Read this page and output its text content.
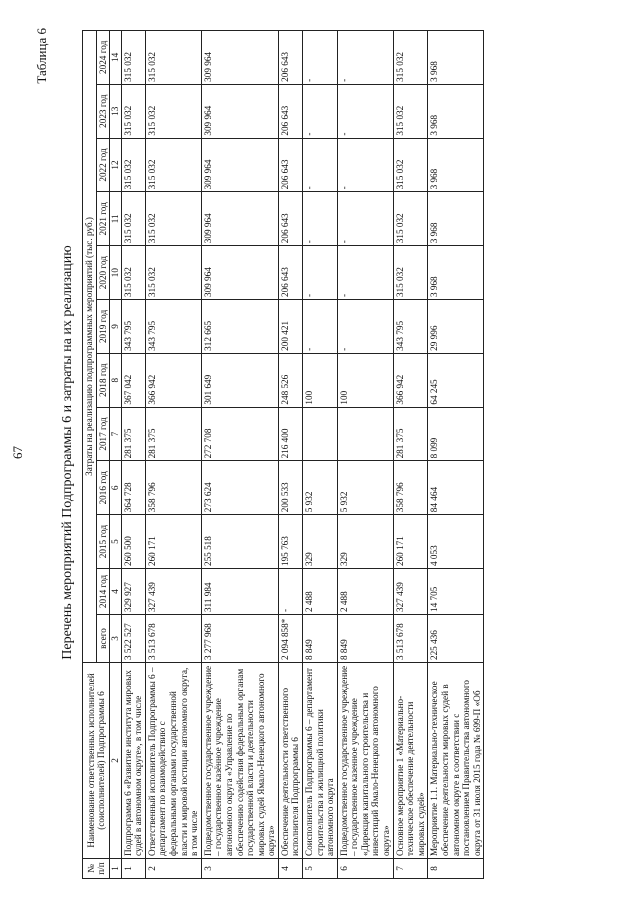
67
Таблица 6
Перечень мероприятий Подпрограммы 6 и затраты на их реализацию
№ п/п	Наименование ответственных исполнителей (соисполнителей) Подпрограммы 6	Затраты на реализацию подпрограммных мероприятий (тыс. руб.)											
		всего	2014 год	2015 год	2016 год	2017 год	2018 год	2019 год	2020 год	2021 год	2022 год	2023 год	2024 год
1	2	3	4	5	6	7	8	9	10	11	12	13	14
1	Подпрограмма 6 «Развитие института мировых судей в автономном округе», в том числе	3 522 527	329 927	260 500	364 728	281 375	367 042	343 795	315 032	315 032	315 032	315 032	315 032
2	Ответственный исполнитель Подпрограммы 6 – департамент по взаимодействию с федеральными органами государственной власти и мировой юстиции автономного округа, в том числе	3 513 678	327 439	260 171	358 796	281 375	366 942	343 795	315 032	315 032	315 032	315 032	315 032
3	Подведомственное государственное учреждение – государственное казённое учреждение автономного округа «Управление по обеспечению содействия федеральным органам государственной власти и деятельности мировых судей Ямало-Ненецкого автономного округа»	3 277 968	311 984	255 518	273 624	272 708	301 649	312 665	309 964	309 964	309 964	309 964	309 964
4	Обеспечение деятельности ответственного исполнителя Подпрограммы 6	2 094 858*	-	195 763	200 533	216 400	248 526	200 421	206 643	206 643	206 643	206 643	206 643
5	Соисполнитель Подпрограммы 6 – департамент строительства и жилищной политики автономного округа	8 849	2 488	329	5 932		100	-	-	-	-	-	-
6	Подведомственное государственное учреждение – государственное казенное учреждение «Дирекция капитального строительства и инвестиций Ямало-Ненецкого автономного округа»	8 849	2 488	329	5 932		100	-	-	-	-	-	-
7	Основное мероприятие 1 «Материально-техническое обеспечение деятельности мировых судей»	3 513 678	327 439	260 171	358 796	281 375	366 942	343 795	315 032	315 032	315 032	315 032	315 032
8	Мероприятие 1.1. Материально-техническое обеспечение деятельности мировых судей в автономном округе в соответствии с постановлением Правительства автономного округа от 31 июля 2015 года № 699-П «Об	225 436	14 705	4 053	84 464	8 099	64 245	29 996	3 968	3 968	3 968	3 968	3 968
